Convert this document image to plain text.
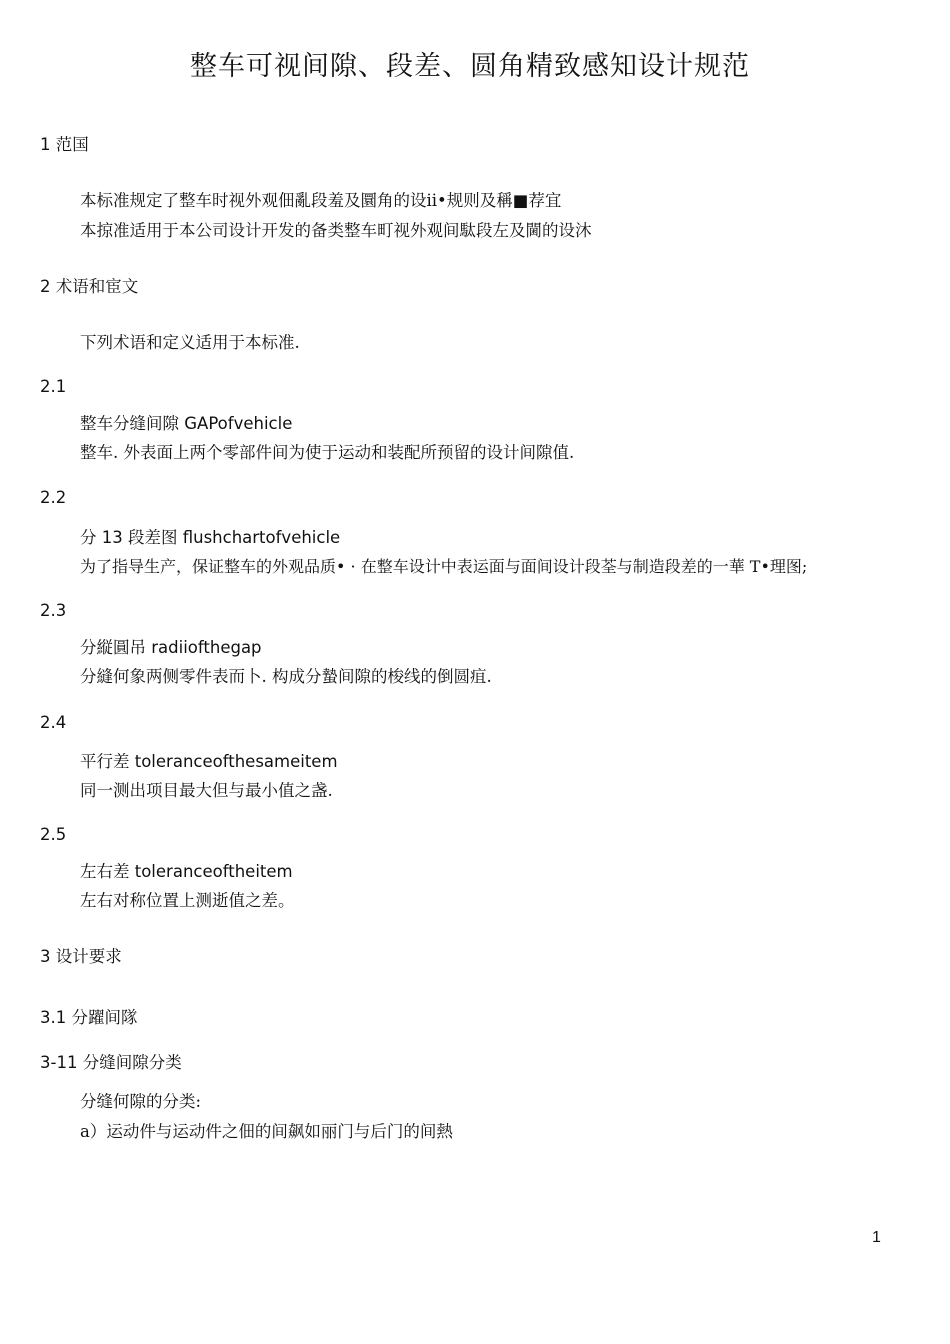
整车可视间隙、段差、圆角精致感知设计规范

1 范国

本标准规定了整车时视外观佃亂段羞及圜角的设ii•规则及稱■荐宜

本掠准适用于本公司设计开发的备类整车町视外观间駄段左及閫的设沐

2 术语和宦文

下列术语和定义适用于本标准.

2.1

整车分缝间隙 GAPofvehicle

整车. 外表面上两个零部件间为使于运动和装配所预留的设计间隙值.

2.2

分 13 段差图 flushchartofvehicle

为了指导生产，保证整车的外观品质• · 在整车设计中表运面与面间设计段荃与制造段差的一華 T•理图;

2.3

分縦圓吊 radiiofthegap

分縫何象两侧零件表而卜. 构成分蟄间隙的梭线的倒圆疽.

2.4

平行差 toleranceofthesameitem

同一测出项目最大但与最小值之盏.

2.5

左右差 toleranceoftheitem

左右对称位置上测逝值之差。

3 设计要求

3.1 分躍间隊

3-11 分缝间隙分类

分缝何隙的分类:

a）运动件与运动件之佃的间飙如丽门与后门的间熱

1
